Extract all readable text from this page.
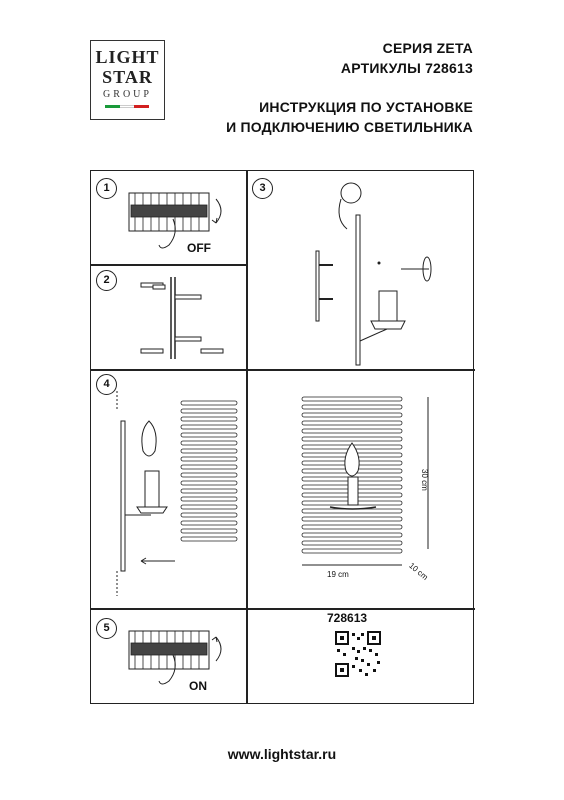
LIGHT
STAR
GROUP
СЕРИЯ ZETA
АРТИКУЛЫ 728613
ИНСТРУКЦИЯ ПО УСТАНОВКЕ
И ПОДКЛЮЧЕНИЮ СВЕТИЛЬНИКА
1
2
3
4
5
OFF
30 cm
19 cm	10 cm
728613
ON
www.lightstar.ru
